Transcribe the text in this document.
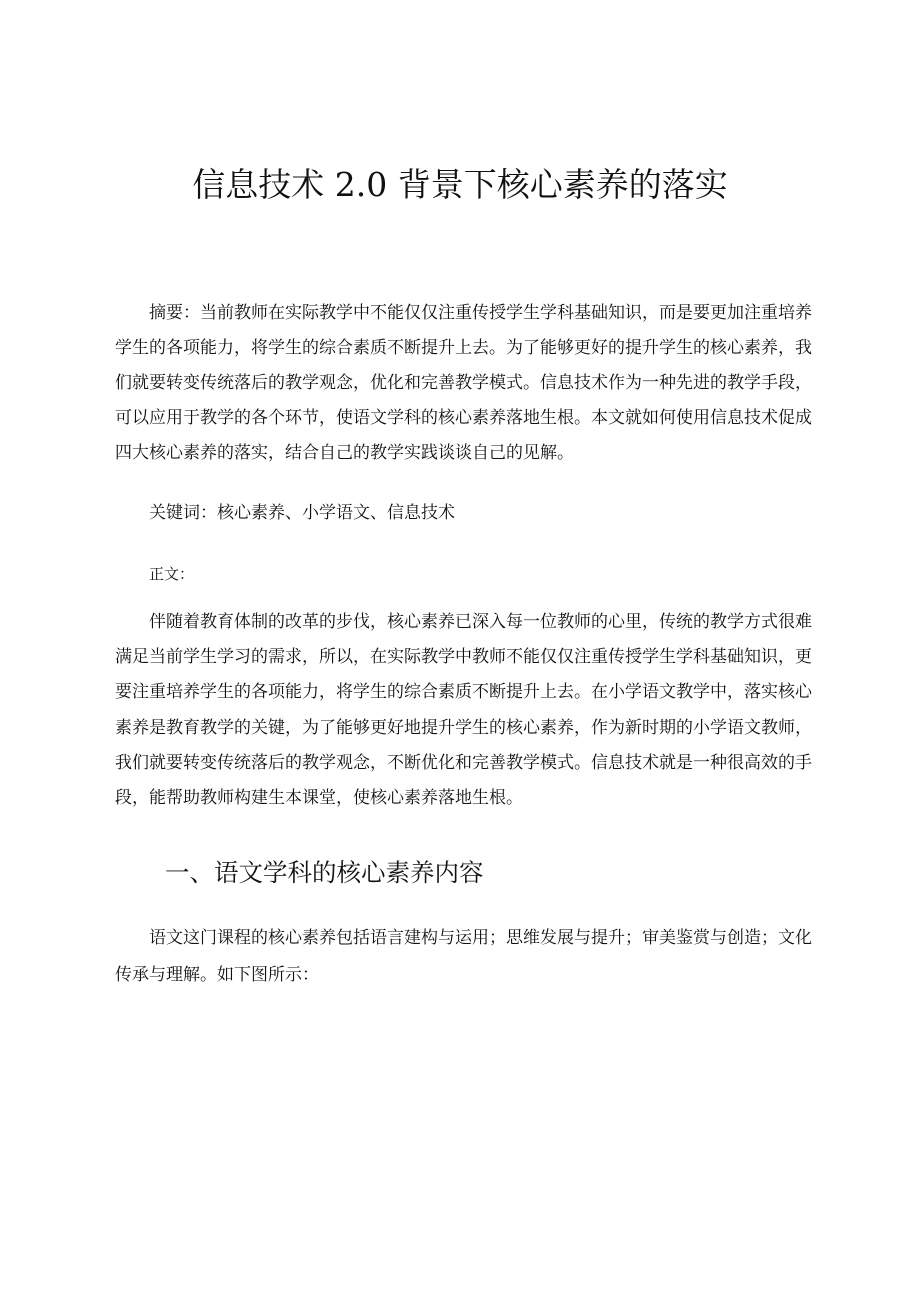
信息技术 2.0 背景下核心素养的落实
摘要：当前教师在实际教学中不能仅仅注重传授学生学科基础知识，而是要更加注重培养
学生的各项能力，将学生的综合素质不断提升上去。为了能够更好的提升学生的核心素养，我
们就要转变传统落后的教学观念，优化和完善教学模式。信息技术作为一种先进的教学手段，
可以应用于教学的各个环节，使语文学科的核心素养落地生根。本文就如何使用信息技术促成
四大核心素养的落实，结合自己的教学实践谈谈自己的见解。
关键词：核心素养、小学语文、信息技术
正文：
伴随着教育体制的改革的步伐，核心素养已深入每一位教师的心里，传统的教学方式很难
满足当前学生学习的需求，所以，在实际教学中教师不能仅仅注重传授学生学科基础知识，更
要注重培养学生的各项能力，将学生的综合素质不断提升上去。在小学语文教学中，落实核心
素养是教育教学的关键，为了能够更好地提升学生的核心素养，作为新时期的小学语文教师，
我们就要转变传统落后的教学观念，不断优化和完善教学模式。信息技术就是一种很高效的手
段，能帮助教师构建生本课堂，使核心素养落地生根。
一、语文学科的核心素养内容
语文这门课程的核心素养包括语言建构与运用；思维发展与提升；审美鉴赏与创造；文化
传承与理解。如下图所示：
